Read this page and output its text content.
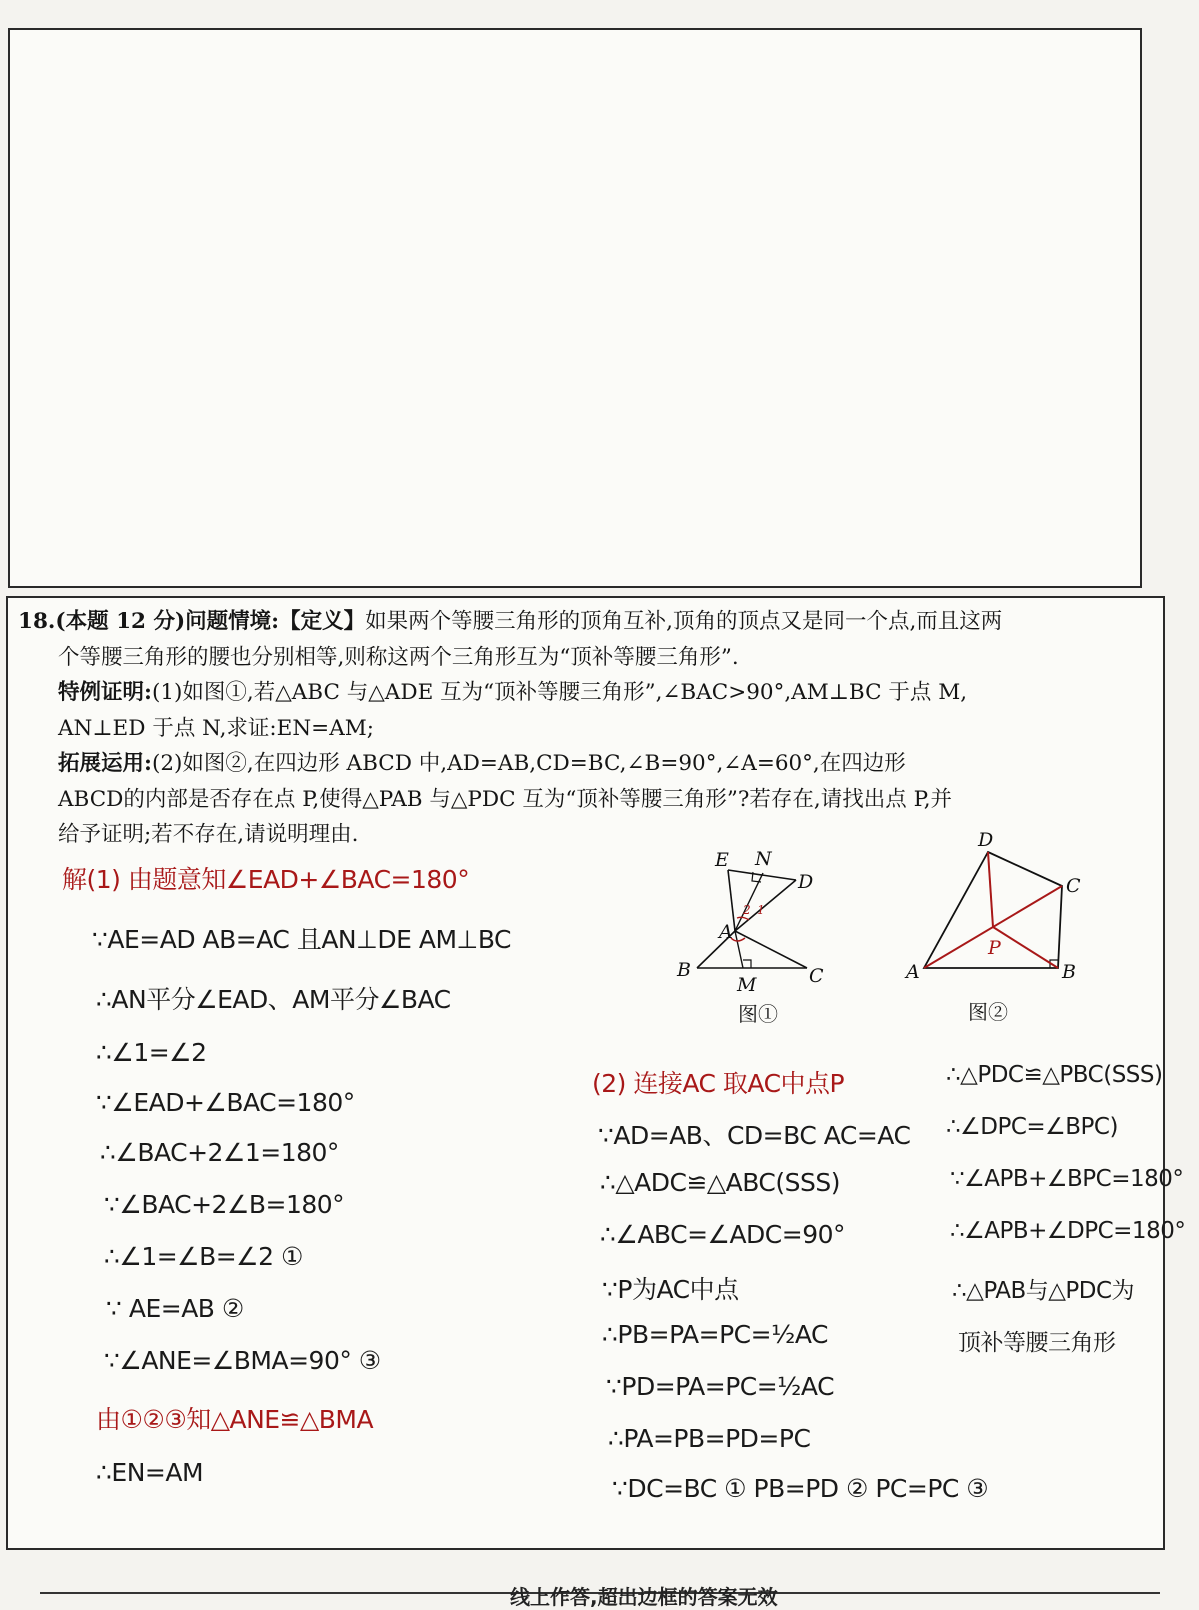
18.(本题 12 分)问题情境:【定义】如果两个等腰三角形的顶角互补,顶角的顶点又是同一个点,而且这两

个等腰三角形的腰也分别相等,则称这两个三角形互为“顶补等腰三角形”.

特例证明:(1)如图①,若△ABC 与△ADE 互为“顶补等腰三角形”,∠BAC>90°,AM⊥BC 于点 M,

AN⊥ED 于点 N,求证:EN=AM;

拓展运用:(2)如图②,在四边形 ABCD 中,AD=AB,CD=BC,∠B=90°,∠A=60°,在四边形

ABCD的内部是否存在点 P,使得△PAB 与△PDC 互为“顶补等腰三角形”?若存在,请找出点 P,并

给予证明;若不存在,请说明理由.

E N
D
A
B
M	C
2 1
图①
D
C
P
A	B
图②
解(1) 由题意知∠EAD+∠BAC=180°
∵AE=AD AB=AC 且AN⊥DE AM⊥BC
∴AN平分∠EAD、AM平分∠BAC
∴∠1=∠2
∵∠EAD+∠BAC=180°
∴∠BAC+2∠1=180°
∵∠BAC+2∠B=180°
∴∠1=∠B=∠2 ①
∵ AE=AB ②
∵∠ANE=∠BMA=90° ③
由①②③知△ANE≌△BMA
∴EN=AM
(2) 连接AC 取AC中点P
∵AD=AB、CD=BC AC=AC
∴△ADC≌△ABC(SSS)
∴∠ABC=∠ADC=90°
∵P为AC中点
∴PB=PA=PC=½AC
∵PD=PA=PC=½AC
∴PA=PB=PD=PC
∵DC=BC ① PB=PD ② PC=PC ③
∴△PDC≌△PBC(SSS)
∴∠DPC=∠BPC)
∵∠APB+∠BPC=180°
∴∠APB+∠DPC=180°
∴△PAB与△PDC为
顶补等腰三角形
线上作答,超出边框的答案无效
